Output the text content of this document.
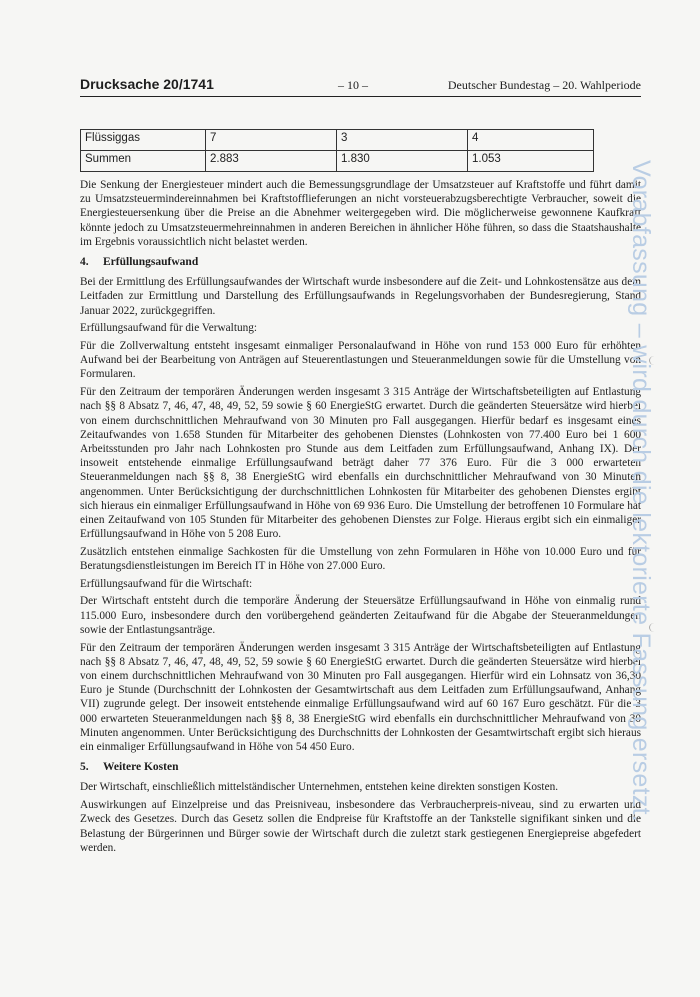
Drucksache 20/1741	– 10 –	Deutscher Bundestag – 20. Wahlperiode
Flüssiggas	7	3	4
Summen	2.883	1.830	1.053

Die Senkung der Energiesteuer mindert auch die Bemessungsgrundlage der Umsatzsteuer auf Kraftstoffe und führt damit zu Umsatzsteuermindereinnahmen bei Kraftstofflieferungen an nicht vorsteuerabzugsberechtigte Verbraucher, soweit die Energiesteuersenkung über die Preise an die Abnehmer weitergegeben wird. Die möglicherweise gewonnene Kaufkraft könnte jedoch zu Umsatzsteuermehreinnahmen in anderen Bereichen in ähnlicher Höhe führen, so dass die Staatshaushalte im Ergebnis voraussichtlich nicht belastet werden.

4. Erfüllungsaufwand

Bei der Ermittlung des Erfüllungsaufwandes der Wirtschaft wurde insbesondere auf die Zeit- und Lohnkostensätze aus dem Leitfaden zur Ermittlung und Darstellung des Erfüllungsaufwands in Regelungsvorhaben der Bundesregierung, Stand Januar 2022, zurückgegriffen.

Erfüllungsaufwand für die Verwaltung:

Für die Zollverwaltung entsteht insgesamt einmaliger Personalaufwand in Höhe von rund 153 000 Euro für erhöhten Aufwand bei der Bearbeitung von Anträgen auf Steuerentlastungen und Steueranmeldungen sowie für die Umstellung von Formularen.

Für den Zeitraum der temporären Änderungen werden insgesamt 3 315 Anträge der Wirtschaftsbeteiligten auf Entlastung nach §§ 8 Absatz 7, 46, 47, 48, 49, 52, 59 sowie § 60 EnergieStG erwartet. Durch die geänderten Steuersätze wird hierbei von einem durchschnittlichen Mehraufwand von 30 Minuten pro Fall ausgegangen. Hierfür bedarf es insgesamt eines Zeitaufwandes von 1.658 Stunden für Mitarbeiter des gehobenen Dienstes (Lohnkosten von 77.400 Euro bei 1 600 Arbeitsstunden pro Jahr nach Lohnkosten pro Stunde aus dem Leitfaden zum Erfüllungsaufwand, Anhang IX). Der insoweit entstehende einmalige Erfüllungsaufwand beträgt daher 77 376 Euro. Für die 3 000 erwarteten Steueranmeldungen nach §§ 8, 38 EnergieStG wird ebenfalls ein durchschnittlicher Mehraufwand von 30 Minuten angenommen. Unter Berücksichtigung der durchschnittlichen Lohnkosten für Mitarbeiter des gehobenen Dienstes ergibt sich hieraus ein einmaliger Erfüllungsaufwand in Höhe von 69 936 Euro. Die Umstellung der betroffenen 10 Formulare hat einen Zeitaufwand von 105 Stunden für Mitarbeiter des gehobenen Dienstes zur Folge. Hieraus ergibt sich ein einmaliger Erfüllungsaufwand in Höhe von 5 208 Euro.

Zusätzlich entstehen einmalige Sachkosten für die Umstellung von zehn Formularen in Höhe von 10.000 Euro und für Beratungsdienstleistungen im Bereich IT in Höhe von 27.000 Euro.

Erfüllungsaufwand für die Wirtschaft:

Der Wirtschaft entsteht durch die temporäre Änderung der Steuersätze Erfüllungsaufwand in Höhe von einmalig rund 115.000 Euro, insbesondere durch den vorübergehend geänderten Zeitaufwand für die Abgabe der Steueranmeldungen sowie der Entlastungsanträge.

Für den Zeitraum der temporären Änderungen werden insgesamt 3 315 Anträge der Wirtschaftsbeteiligten auf Entlastung nach §§ 8 Absatz 7, 46, 47, 48, 49, 52, 59 sowie § 60 EnergieStG erwartet. Durch die geänderten Steuersätze wird hierbei von einem durchschnittlichen Mehraufwand von 30 Minuten pro Fall ausgegangen. Hierfür wird ein Lohnsatz von 36,30 Euro je Stunde (Durchschnitt der Lohnkosten der Gesamtwirtschaft aus dem Leitfaden zum Erfüllungsaufwand, Anhang VII) zugrunde gelegt. Der insoweit entstehende einmalige Erfüllungsaufwand wird auf 60 167 Euro geschätzt. Für die 3 000 erwarteten Steueranmeldungen nach §§ 8, 38 EnergieStG wird ebenfalls ein durchschnittlicher Mehraufwand von 30 Minuten angenommen. Unter Berücksichtigung des Durchschnitts der Lohnkosten der Gesamtwirtschaft ergibt sich hieraus ein einmaliger Erfüllungsaufwand in Höhe von 54 450 Euro.

5. Weitere Kosten

Der Wirtschaft, einschließlich mittelständischer Unternehmen, entstehen keine direkten sonstigen Kosten.

Auswirkungen auf Einzelpreise und das Preisniveau, insbesondere das Verbraucherpreis-niveau, sind zu erwarten und Zweck des Gesetzes. Durch das Gesetz sollen die Endpreise für Kraftstoffe an der Tankstelle signifikant sinken und die Belastung der Bürgerinnen und Bürger sowie der Wirtschaft durch die zuletzt stark gestiegenen Energiepreise abgefedert werden.

Vorabfassung – wird durch die lektorierte Fassung ersetzt.
